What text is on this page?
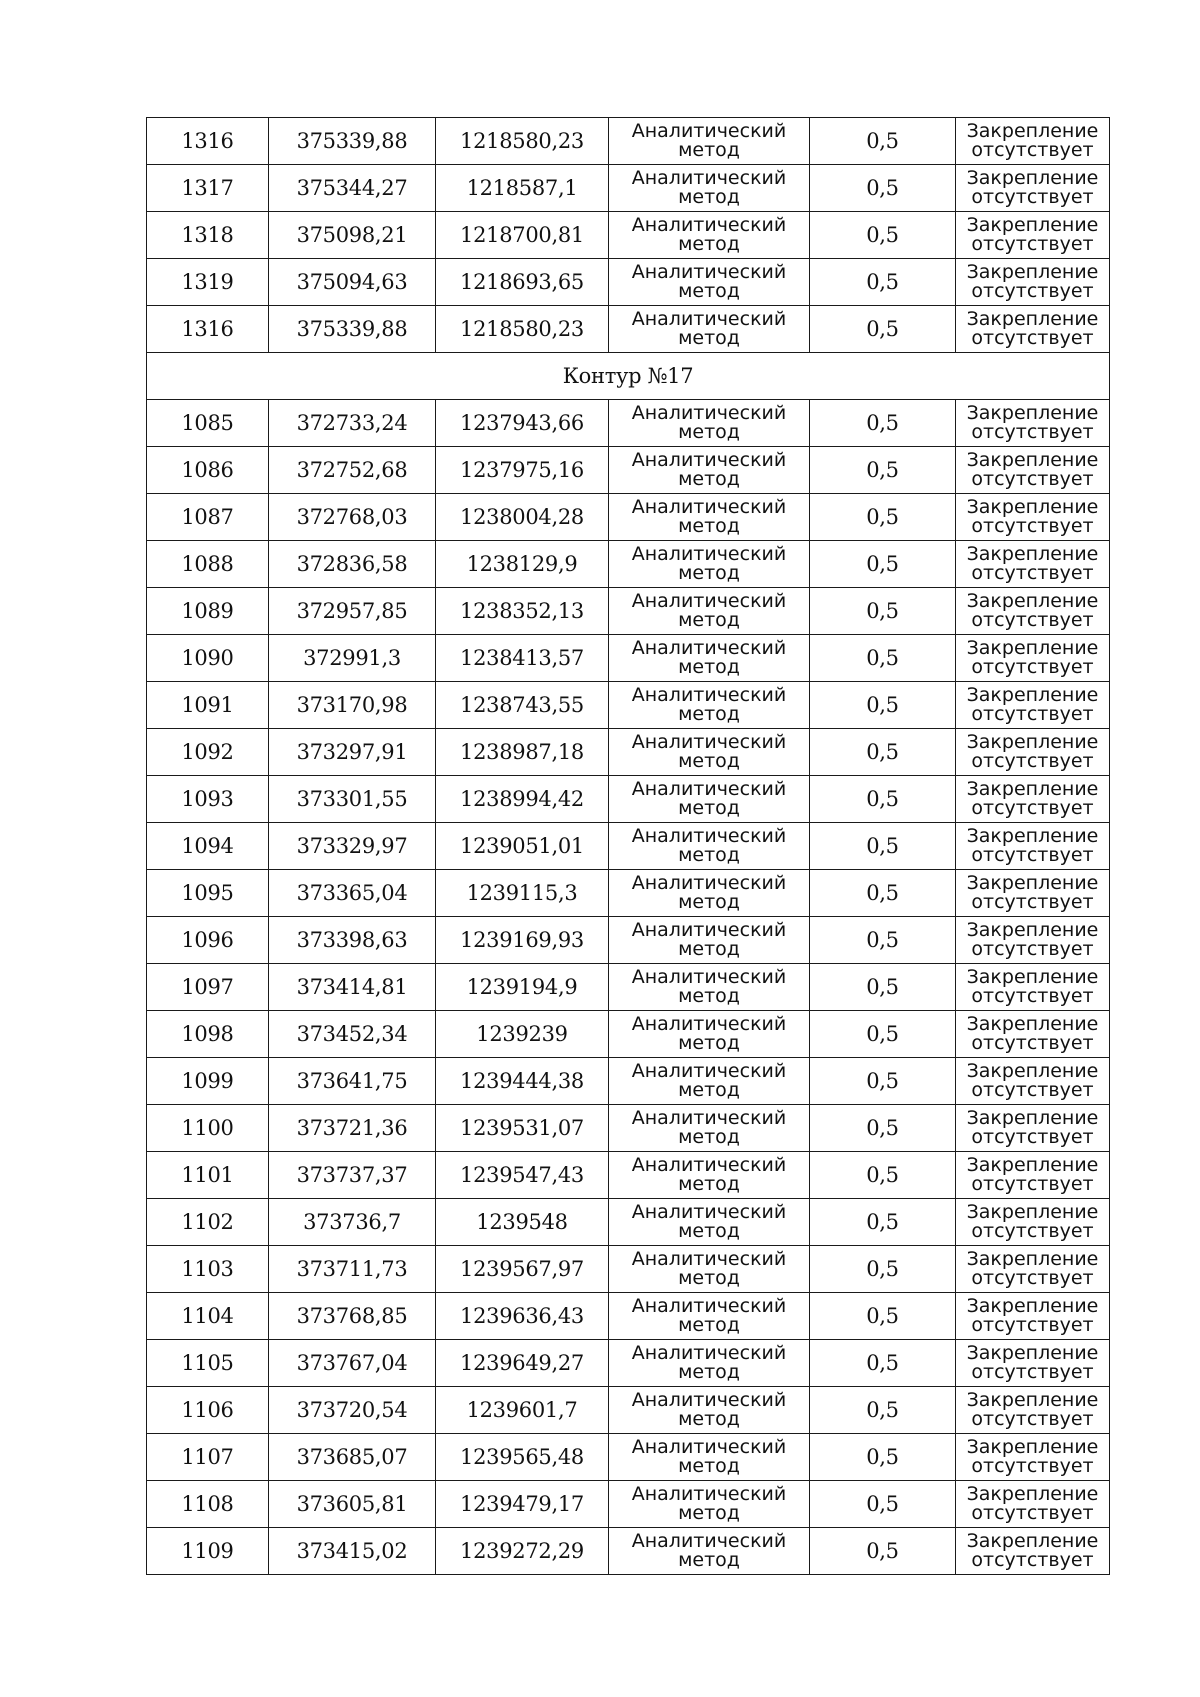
1316	375339,88	1218580,23	Аналитический
метод	0,5	Закрепление
отсутствует

1317	375344,27	1218587,1	Аналитический
метод	0,5	Закрепление
отсутствует

1318	375098,21	1218700,81	Аналитический
метод	0,5	Закрепление
отсутствует

1319	375094,63	1218693,65	Аналитический
метод	0,5	Закрепление
отсутствует

1316	375339,88	1218580,23	Аналитический
метод	0,5	Закрепление
отсутствует

Контур №17					
1085	372733,24	1237943,66	Аналитический
метод	0,5	Закрепление
отсутствует

1086	372752,68	1237975,16	Аналитический
метод	0,5	Закрепление
отсутствует

1087	372768,03	1238004,28	Аналитический
метод	0,5	Закрепление
отсутствует

1088	372836,58	1238129,9	Аналитический
метод	0,5	Закрепление
отсутствует

1089	372957,85	1238352,13	Аналитический
метод	0,5	Закрепление
отсутствует

1090	372991,3	1238413,57	Аналитический
метод	0,5	Закрепление
отсутствует

1091	373170,98	1238743,55	Аналитический
метод	0,5	Закрепление
отсутствует

1092	373297,91	1238987,18	Аналитический
метод	0,5	Закрепление
отсутствует

1093	373301,55	1238994,42	Аналитический
метод	0,5	Закрепление
отсутствует

1094	373329,97	1239051,01	Аналитический
метод	0,5	Закрепление
отсутствует

1095	373365,04	1239115,3	Аналитический
метод	0,5	Закрепление
отсутствует

1096	373398,63	1239169,93	Аналитический
метод	0,5	Закрепление
отсутствует

1097	373414,81	1239194,9	Аналитический
метод	0,5	Закрепление
отсутствует

1098	373452,34	1239239	Аналитический
метод	0,5	Закрепление
отсутствует

1099	373641,75	1239444,38	Аналитический
метод	0,5	Закрепление
отсутствует

1100	373721,36	1239531,07	Аналитический
метод	0,5	Закрепление
отсутствует

1101	373737,37	1239547,43	Аналитический
метод	0,5	Закрепление
отсутствует

1102	373736,7	1239548	Аналитический
метод	0,5	Закрепление
отсутствует

1103	373711,73	1239567,97	Аналитический
метод	0,5	Закрепление
отсутствует

1104	373768,85	1239636,43	Аналитический
метод	0,5	Закрепление
отсутствует

1105	373767,04	1239649,27	Аналитический
метод	0,5	Закрепление
отсутствует

1106	373720,54	1239601,7	Аналитический
метод	0,5	Закрепление
отсутствует

1107	373685,07	1239565,48	Аналитический
метод	0,5	Закрепление
отсутствует

1108	373605,81	1239479,17	Аналитический
метод	0,5	Закрепление
отсутствует

1109	373415,02	1239272,29	Аналитический
метод	0,5	Закрепление
отсутствует
